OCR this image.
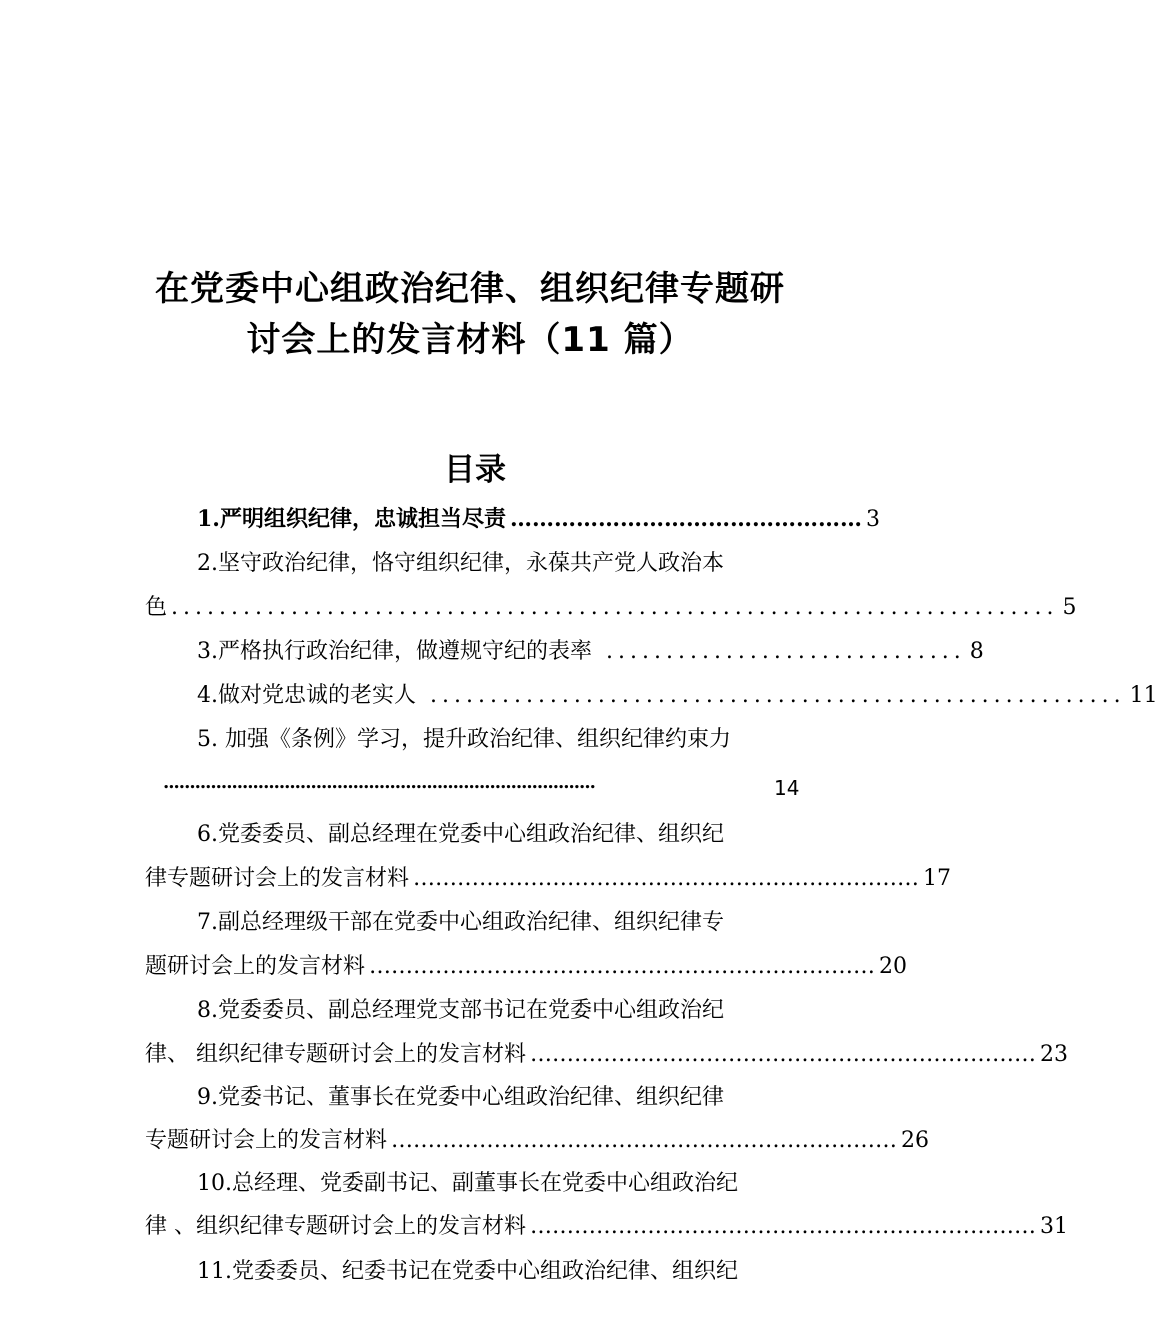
在党委中心组政治纪律、组织纪律专题研
讨会上的发言材料（11 篇）
目录
1.严明组织纪律，忠诚担当尽责 ………………………………………… 3
2.坚守政治纪律，恪守组织纪律，永葆共产党人政治本
色 .......................................................................... 5
3.严格执行政治纪律，做遵规守纪的表率 .............................. 8
4.做对党忠诚的老实人 .......................................................... 11
5. 加强《条例》学习，提升政治纪律、组织纪律约束力
..................................................................................	14
6.党委委员、副总经理在党委中心组政治纪律、组织纪
律专题研讨会上的发言材料 …………………………………………………………… 17
7.副总经理级干部在党委中心组政治纪律、组织纪律专
题研讨会上的发言材料 …………………………………………………………… 20
8.党委委员、副总经理党支部书记在党委中心组政治纪
律、 组织纪律专题研讨会上的发言材料 …………………………………………………………… 23
9.党委书记、董事长在党委中心组政治纪律、组织纪律
专题研讨会上的发言材料 …………………………………………………………… 26
10.总经理、党委副书记、副董事长在党委中心组政治纪
律 、组织纪律专题研讨会上的发言材料 …………………………………………………………… 31
11.党委委员、纪委书记在党委中心组政治纪律、组织纪
